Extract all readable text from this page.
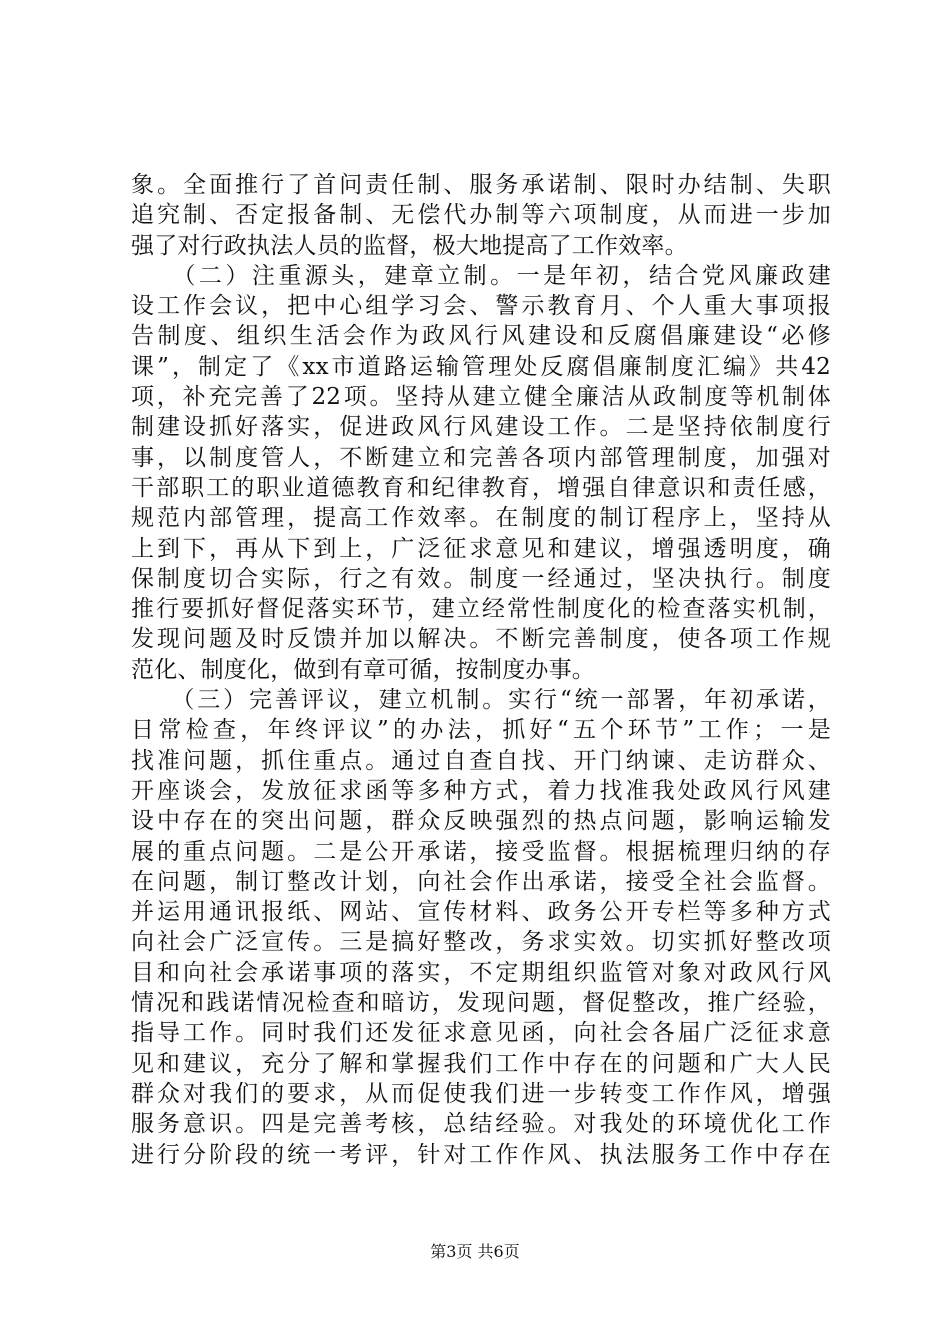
象。全面推行了首问责任制、服务承诺制、限时办结制、失职
追究制、否定报备制、无偿代办制等六项制度，从而进一步加
强了对行政执法人员的监督，极大地提高了工作效率。
　　（二）注重源头，建章立制。一是年初，结合党风廉政建
设工作会议，把中心组学习会、警示教育月、个人重大事项报
告制度、组织生活会作为政风行风建设和反腐倡廉建设“必修
课”，制定了《xx市道路运输管理处反腐倡廉制度汇编》共42
项，补充完善了22项。坚持从建立健全廉洁从政制度等机制体
制建设抓好落实，促进政风行风建设工作。二是坚持依制度行
事，以制度管人，不断建立和完善各项内部管理制度，加强对
干部职工的职业道德教育和纪律教育，增强自律意识和责任感，
规范内部管理，提高工作效率。在制度的制订程序上，坚持从
上到下，再从下到上，广泛征求意见和建议，增强透明度，确
保制度切合实际，行之有效。制度一经通过，坚决执行。制度
推行要抓好督促落实环节，建立经常性制度化的检查落实机制，
发现问题及时反馈并加以解决。不断完善制度，使各项工作规
范化、制度化，做到有章可循，按制度办事。
　　（三）完善评议，建立机制。实行“统一部署，年初承诺，
日常检查，年终评议”的办法，抓好“五个环节”工作；一是
找准问题，抓住重点。通过自查自找、开门纳谏、走访群众、
开座谈会，发放征求函等多种方式，着力找准我处政风行风建
设中存在的突出问题，群众反映强烈的热点问题，影响运输发
展的重点问题。二是公开承诺，接受监督。根据梳理归纳的存
在问题，制订整改计划，向社会作出承诺，接受全社会监督。
并运用通讯报纸、网站、宣传材料、政务公开专栏等多种方式
向社会广泛宣传。三是搞好整改，务求实效。切实抓好整改项
目和向社会承诺事项的落实，不定期组织监管对象对政风行风
情况和践诺情况检查和暗访，发现问题，督促整改，推广经验，
指导工作。同时我们还发征求意见函，向社会各届广泛征求意
见和建议，充分了解和掌握我们工作中存在的问题和广大人民
群众对我们的要求，从而促使我们进一步转变工作作风，增强
服务意识。四是完善考核，总结经验。对我处的环境优化工作
进行分阶段的统一考评，针对工作作风、执法服务工作中存在
第3页 共6页
